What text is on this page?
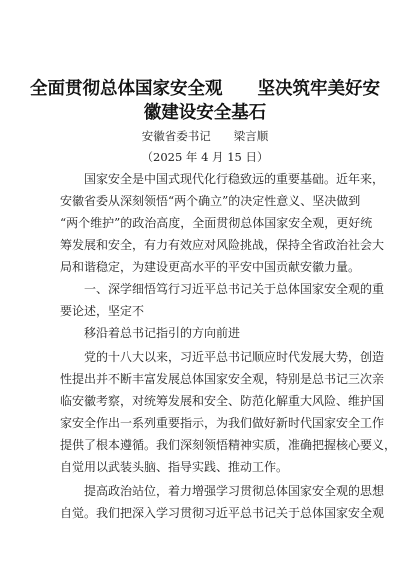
全面贯彻总体国家安全观　　坚决筑牢美好安
徽建设安全基石
安徽省委书记　　梁言顺
（2025 年 4 月 15 日）
国家安全是中国式现代化行稳致远的重要基础。近年来，
安徽省委从深刻领悟“两个确立”的决定性意义、坚决做到
“两个维护”的政治高度，全面贯彻总体国家安全观，更好统
筹发展和安全，有力有效应对风险挑战，保持全省政治社会大
局和谐稳定，为建设更高水平的平安中国贡献安徽力量。
一、深学细悟笃行习近平总书记关于总体国家安全观的重
要论述，坚定不
移沿着总书记指引的方向前进
党的十八大以来，习近平总书记顺应时代发展大势，创造
性提出并不断丰富发展总体国家安全观，特别是总书记三次亲
临安徽考察，对统筹发展和安全、防范化解重大风险、维护国
家安全作出一系列重要指示，为我们做好新时代国家安全工作
提供了根本遵循。我们深刻领悟精神实质，准确把握核心要义，
自觉用以武装头脑、指导实践、推动工作。
提高政治站位，着力增强学习贯彻总体国家安全观的思想
自觉。我们把深入学习贯彻习近平总书记关于总体国家安全观
